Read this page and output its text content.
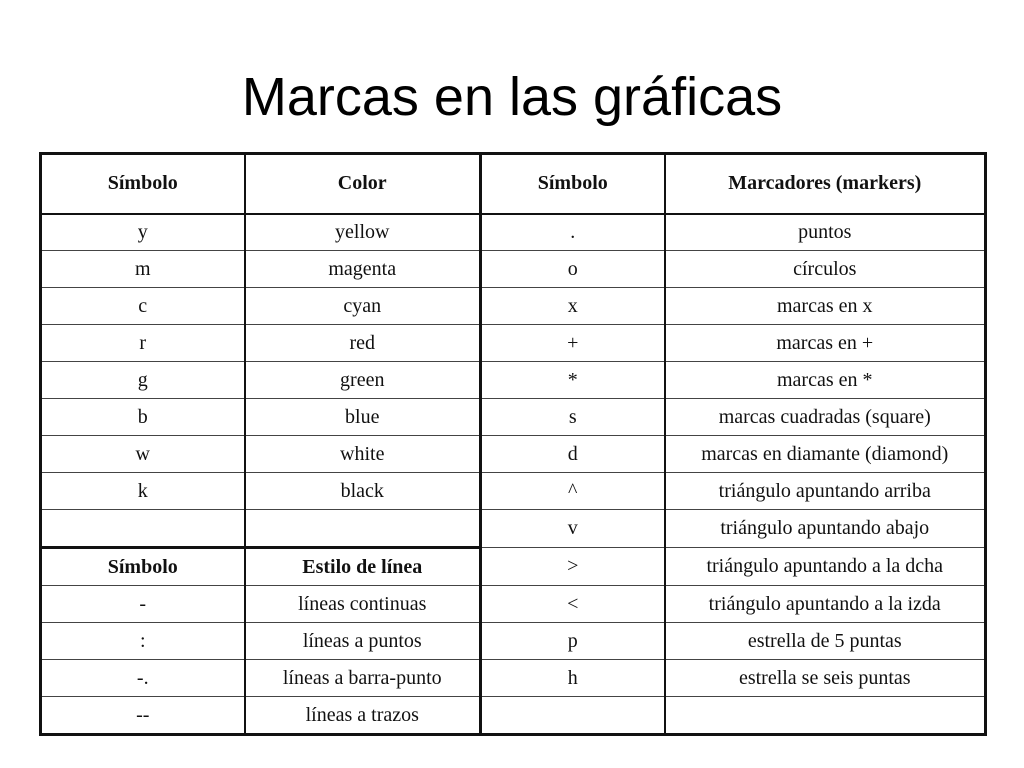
Marcas en las gráficas
Símbolo	Color	Símbolo	Marcadores (markers)
y	yellow	.	puntos
m	magenta	o	círculos
c	cyan	x	marcas en x
r	red	+	marcas en +
g	green	*	marcas en *
b	blue	s	marcas cuadradas (square)
w	white	d	marcas en diamante (diamond)
k	black	^	triángulo apuntando arriba
		v	triángulo apuntando abajo
Símbolo	Estilo de línea	>	triángulo apuntando a la dcha
-	líneas continuas	<	triángulo apuntando a la izda
:	líneas a puntos	p	estrella de 5 puntas
-.	líneas a barra-punto	h	estrella se seis puntas
--	líneas a trazos		
